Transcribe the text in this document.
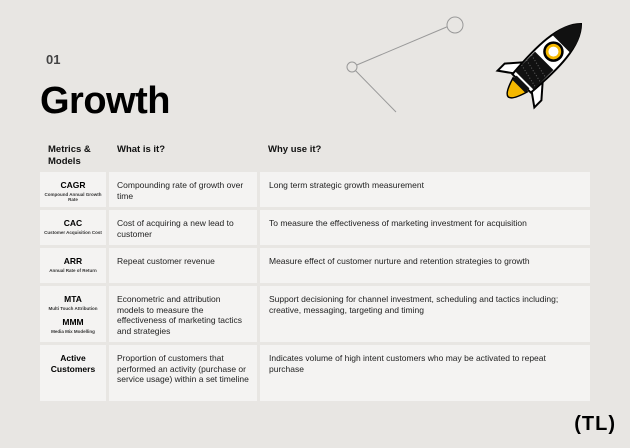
01
Growth
Metrics & Models
What is it?	Why use it?
CAGR
Compound Annual Growth Rate
Compounding rate of growth over time
Long term strategic growth measurement
CAC
Customer Acquisition Cost
Cost of acquiring a new lead to customer
To measure the effectiveness of marketing investment for acquisition
ARR
Annual Rate of Return
Repeat customer revenue	Measure effect of customer nurture and retention strategies to growth
MTA
Multi Touch Attribution
MMM
Media Mix Modelling
Econometric and attribution models to measure the effectiveness of marketing tactics and strategies
Support decisioning for channel investment, scheduling and tactics including; creative, messaging, targeting and timing
Active Customers
Proportion of customers that performed an activity (purchase or service usage) within a set timeline
Indicates volume of high intent customers who may be activated to repeat purchase
(TL)
